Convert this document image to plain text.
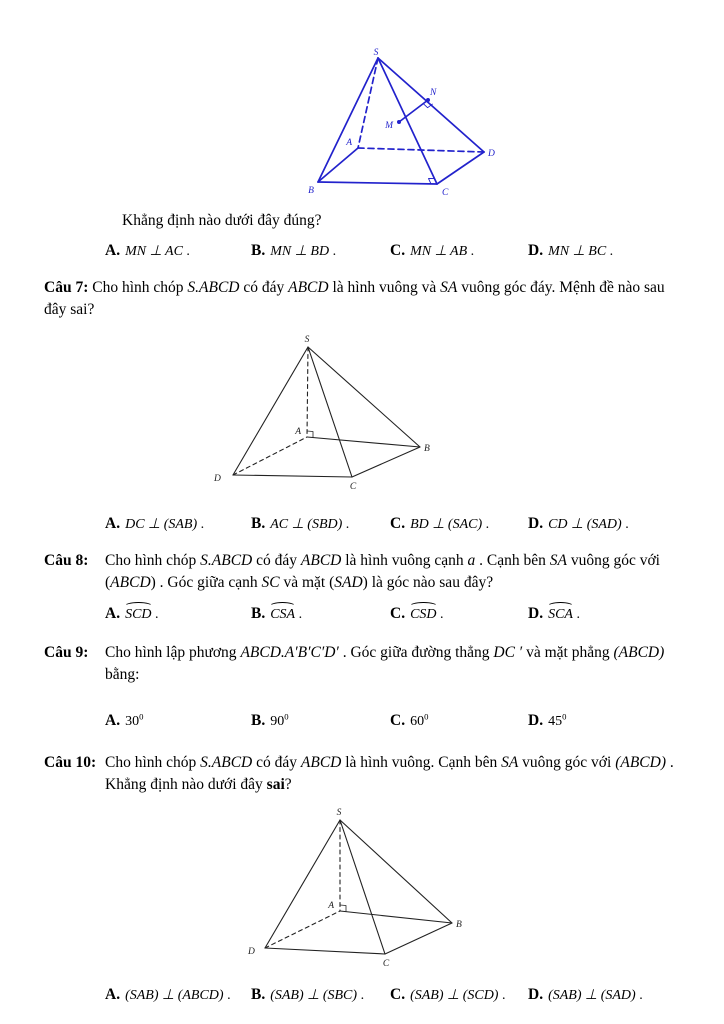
S
A
B	C
D
M
N
Khẳng định nào dưới đây đúng?
A. MN ⊥ AC .	B. MN ⊥ BD .	C. MN ⊥ AB .	D. MN ⊥ BC .
Câu 7: Cho hình chóp S.ABCD có đáy ABCD là hình vuông và SA vuông góc đáy. Mệnh đề nào sau đây sai?
S
A
B
C
D
A. DC ⊥ (SAB) .	B. AC ⊥ (SBD) .	C. BD ⊥ (SAC) .	D. CD ⊥ (SAD) .
Câu 8: Cho hình chóp S.ABCD có đáy ABCD là hình vuông cạnh a . Cạnh bên SA vuông góc với (ABCD) . Góc giữa cạnh SC và mặt (SAD) là góc nào sau đây?
A. SCD .	B. CSA .	C. CSD .	D. SCA .
Câu 9: Cho hình lập phương ABCD.A′B′C′D′ . Góc giữa đường thẳng DC ′ và mặt phẳng (ABCD) bằng:
A. $30^0$	B. $90^0$	C. $60^0$	D. $45^0$
Câu 10: Cho hình chóp S.ABCD có đáy ABCD là hình vuông. Cạnh bên SA vuông góc với (ABCD) . Khẳng định nào dưới đây sai?
S
A
B
C
D
A. (SAB) ⊥ (ABCD) .	B. (SAB) ⊥ (SBC) .	C. (SAB) ⊥ (SCD) .	D. (SAB) ⊥ (SAD) .
